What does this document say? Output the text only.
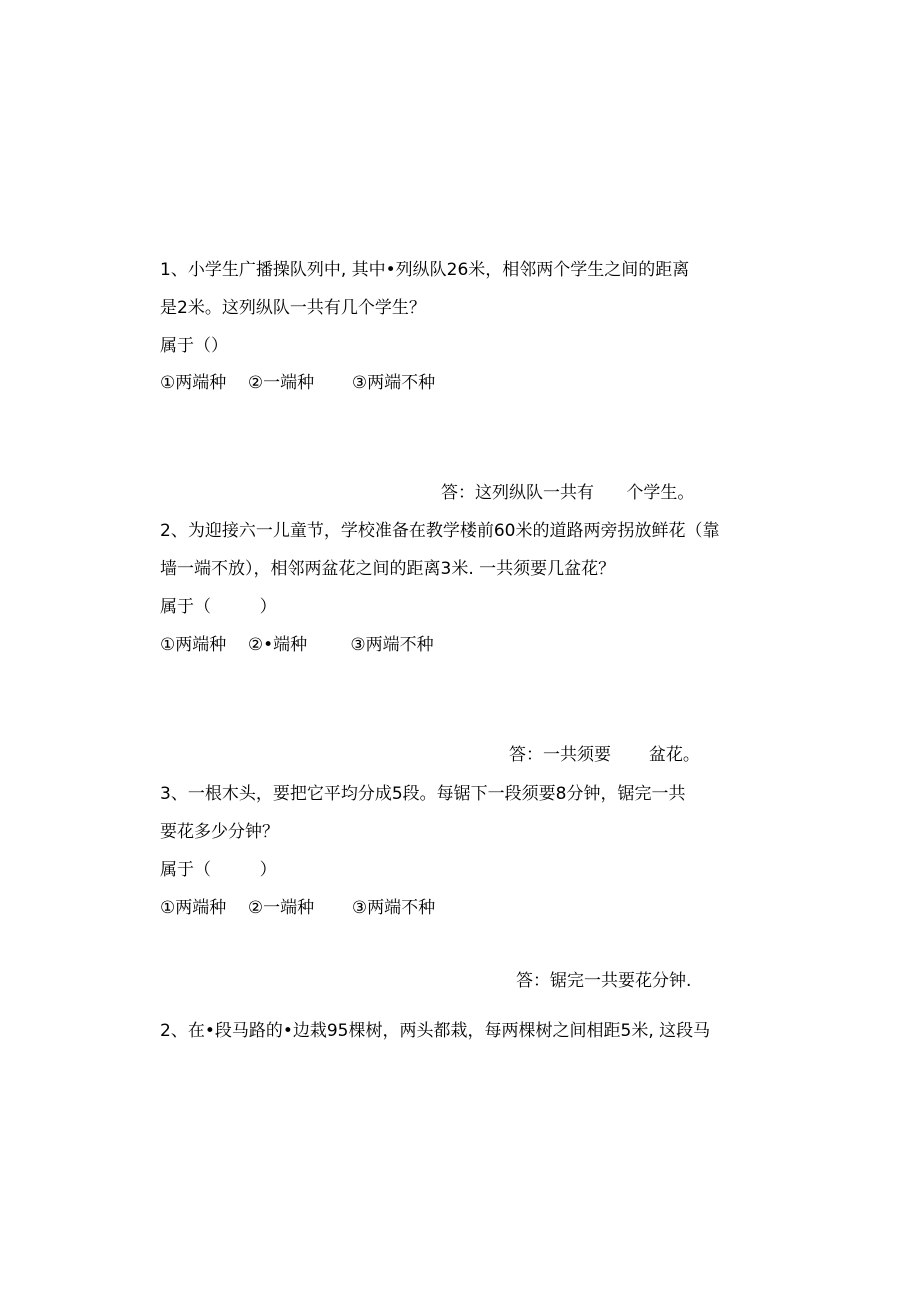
1、小学生广播操队列中, 其中•列纵队26米，相邻两个学生之间的距离
是2米。这列纵队一共有几个学生？
属于（）
①两端种    ②一端种       ③两端不种
答：这列纵队一共有      个学生。
2、为迎接六一儿童节，学校准备在教学楼前60米的道路两旁拐放鲜花（靠
墙一端不放），相邻两盆花之间的距离3米. 一共须要几盆花？
属于（         ）
①两端种    ②•端种        ③两端不种
答：一共须要       盆花。
3、一根木头，要把它平均分成5段。每锯下一段须要8分钟，锯完一共
要花多少分钟？
属于（         ）
①两端种    ②一端种       ③两端不种
答：锯完一共要花分钟.
2、在•段马路的•边栽95棵树，两头都栽，每两棵树之间相距5米, 这段马
